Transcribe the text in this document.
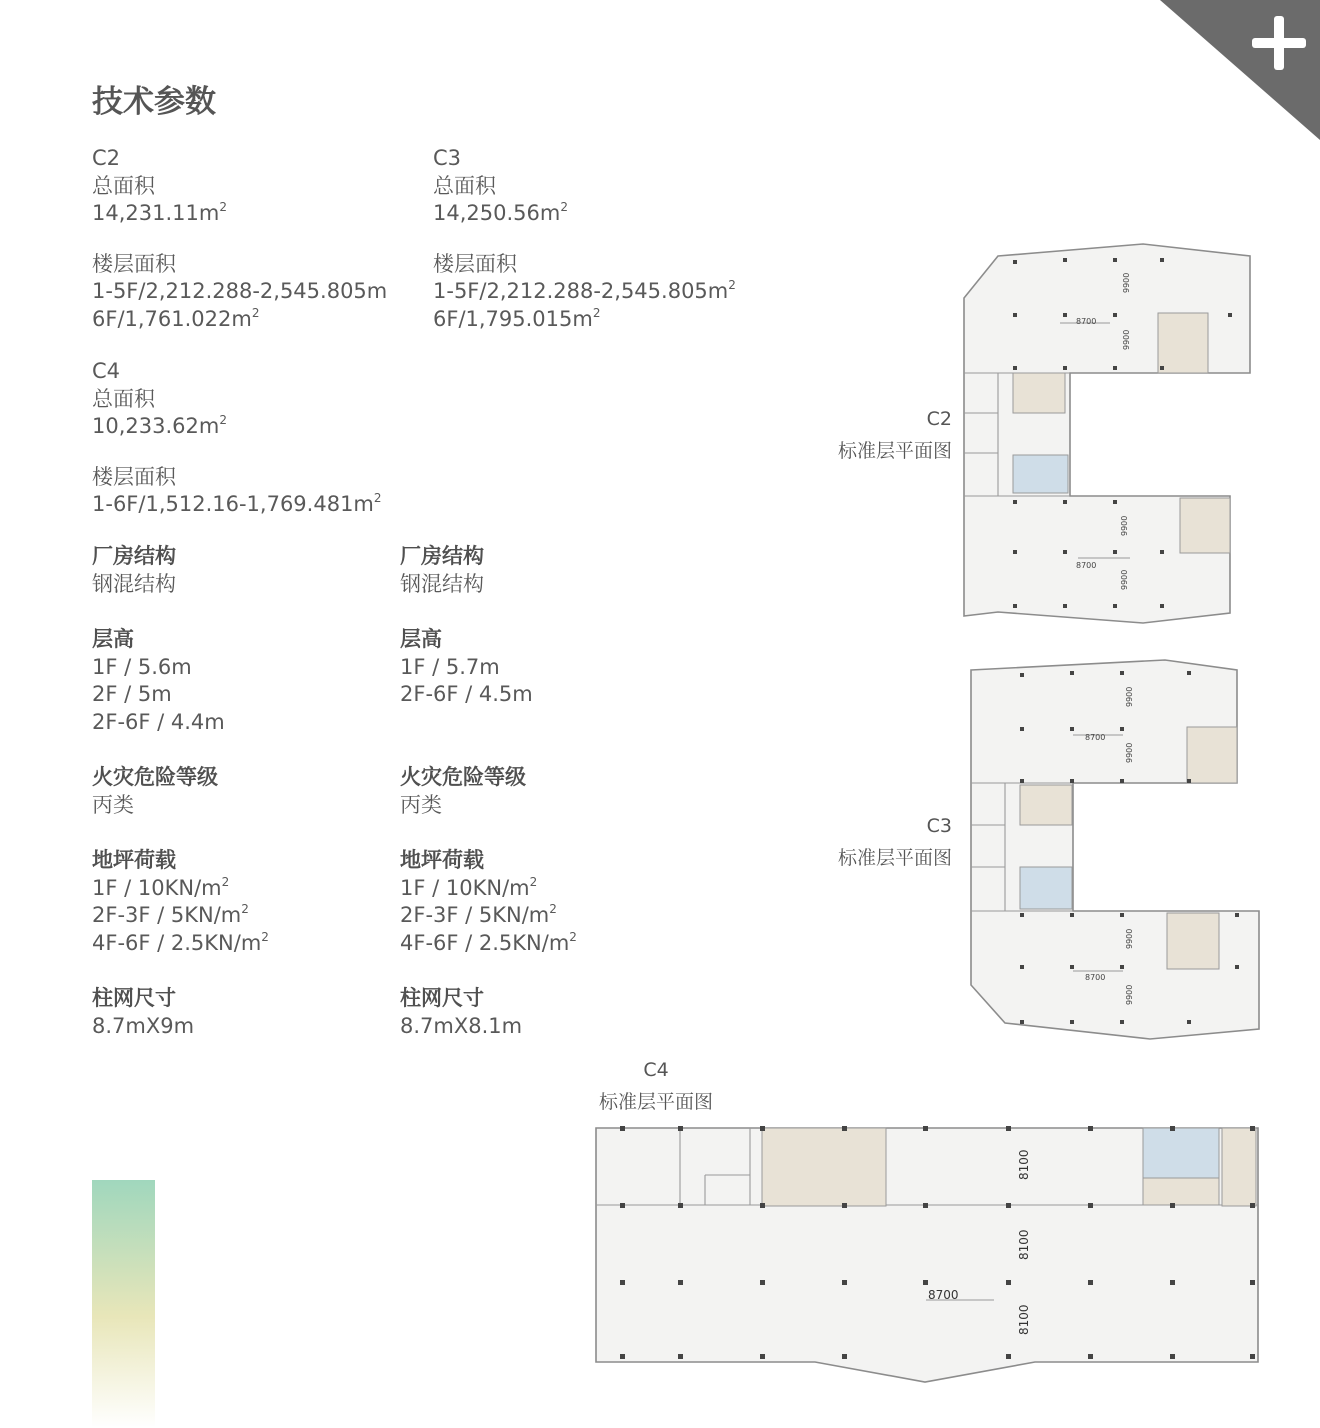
技术参数
C2
总面积
$14,231.11m^2$
楼层面积
1-5F/2,212.288-2,545.805m
$6F/1,761.022m^2$
C3
总面积
$14,250.56m^2$
楼层面积
$1-5F/2,212.288-2,545.805m^2$
$6F/1,795.015m^2$
C4
总面积
$10,233.62m^2$
楼层面积
$1-6F/1,512.16-1,769.481m^2$
厂房结构
钢混结构
层高
1F / 5.6m
2F / 5m
2F-6F / 4.4m
火灾危险等级
丙类
地坪荷载
$1F / 10KN/m^2$
$2F-3F / 5KN/m^2$
$4F-6F / 2.5KN/m^2$
柱网尺寸
8.7mX9m
厂房结构
钢混结构
层高
1F / 5.7m
2F-6F / 4.5m
火灾危险等级
丙类
地坪荷载
$1F / 10KN/m^2$
$2F-3F / 5KN/m^2$
$4F-6F / 2.5KN/m^2$
柱网尺寸
8.7mX8.1m
C2
标准层平面图
C3
标准层平面图
C4
标准层平面图
8700
8700
9900
9900
9900
9900
8700
8700
9900
9900
9900
9900
8700
8100
8100
8100
